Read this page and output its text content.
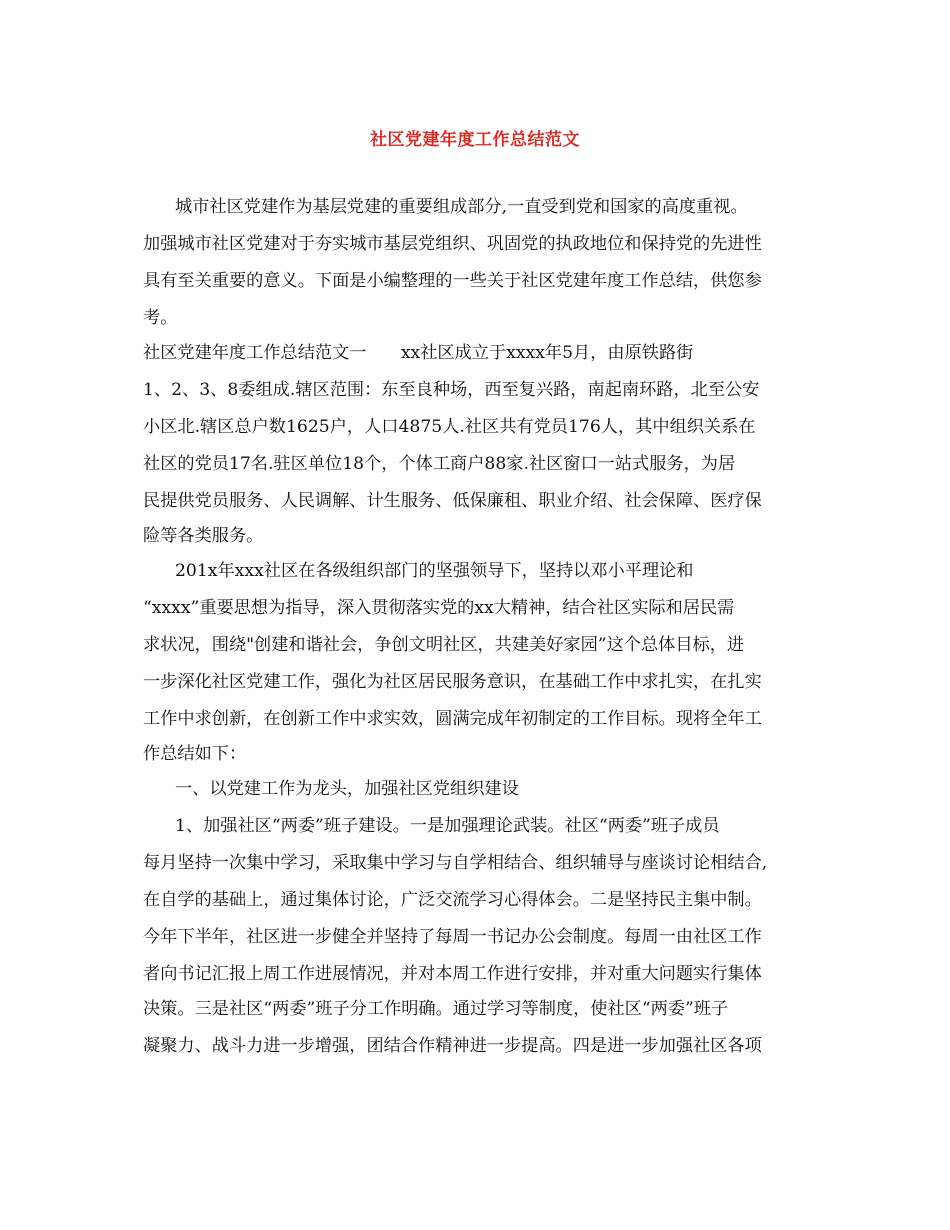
社区党建年度工作总结范文
城市社区党建作为基层党建的重要组成部分,一直受到党和国家的高度重视。
加强城市社区党建对于夯实城市基层党组织、巩固党的执政地位和保持党的先进性
具有至关重要的意义。下面是小编整理的一些关于社区党建年度工作总结，供您参
考。
社区党建年度工作总结范文一　　xx社区成立于xxxx年5月，由原铁路街
1、2、3、8委组成.辖区范围：东至良种场，西至复兴路，南起南环路，北至公安
小区北.辖区总户数1625户，人口4875人.社区共有党员176人，其中组织关系在
社区的党员17名.驻区单位18个，个体工商户88家.社区窗口一站式服务，为居
民提供党员服务、人民调解、计生服务、低保廉租、职业介绍、社会保障、医疗保
险等各类服务。
201x年xxx社区在各级组织部门的坚强领导下，坚持以邓小平理论和
“xxxx”重要思想为指导，深入贯彻落实党的xx大精神，结合社区实际和居民需
求状况，围绕"创建和谐社会，争创文明社区，共建美好家园”这个总体目标，进
一步深化社区党建工作，强化为社区居民服务意识，在基础工作中求扎实，在扎实
工作中求创新，在创新工作中求实效，圆满完成年初制定的工作目标。现将全年工
作总结如下：
一、以党建工作为龙头，加强社区党组织建设
1、加强社区“两委”班子建设。一是加强理论武装。社区“两委”班子成员
每月坚持一次集中学习，采取集中学习与自学相结合、组织辅导与座谈讨论相结合,
在自学的基础上，通过集体讨论，广泛交流学习心得体会。二是坚持民主集中制。
今年下半年，社区进一步健全并坚持了每周一书记办公会制度。每周一由社区工作
者向书记汇报上周工作进展情况，并对本周工作进行安排，并对重大问题实行集体
决策。三是社区“两委”班子分工作明确。通过学习等制度，使社区“两委”班子
凝聚力、战斗力进一步增强，团结合作精神进一步提高。四是进一步加强社区各项
